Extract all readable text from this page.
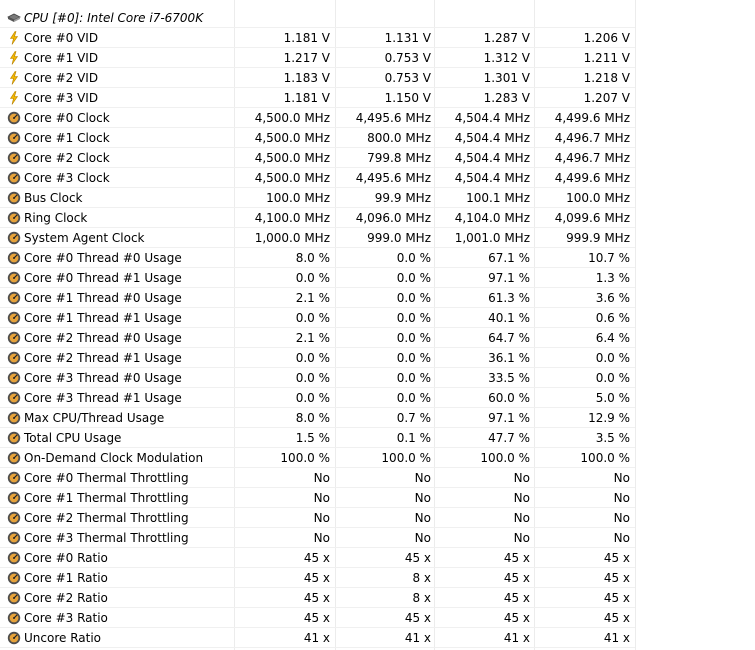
CPU [#0]: Intel Core i7-6700K
Core #0 VID	1.181 V	1.131 V	1.287 V	1.206 V
Core #1 VID	1.217 V	0.753 V	1.312 V	1.211 V
Core #2 VID	1.183 V	0.753 V	1.301 V	1.218 V
Core #3 VID	1.181 V	1.150 V	1.283 V	1.207 V
Core #0 Clock	4,500.0 MHz	4,495.6 MHz	4,504.4 MHz	4,499.6 MHz
Core #1 Clock	4,500.0 MHz	800.0 MHz	4,504.4 MHz	4,496.7 MHz
Core #2 Clock	4,500.0 MHz	799.8 MHz	4,504.4 MHz	4,496.7 MHz
Core #3 Clock	4,500.0 MHz	4,495.6 MHz	4,504.4 MHz	4,499.6 MHz
Bus Clock	100.0 MHz	99.9 MHz	100.1 MHz	100.0 MHz
Ring Clock	4,100.0 MHz	4,096.0 MHz	4,104.0 MHz	4,099.6 MHz
System Agent Clock	1,000.0 MHz	999.0 MHz	1,001.0 MHz	999.9 MHz
Core #0 Thread #0 Usage	8.0 %	0.0 %	67.1 %	10.7 %
Core #0 Thread #1 Usage	0.0 %	0.0 %	97.1 %	1.3 %
Core #1 Thread #0 Usage	2.1 %	0.0 %	61.3 %	3.6 %
Core #1 Thread #1 Usage	0.0 %	0.0 %	40.1 %	0.6 %
Core #2 Thread #0 Usage	2.1 %	0.0 %	64.7 %	6.4 %
Core #2 Thread #1 Usage	0.0 %	0.0 %	36.1 %	0.0 %
Core #3 Thread #0 Usage	0.0 %	0.0 %	33.5 %	0.0 %
Core #3 Thread #1 Usage	0.0 %	0.0 %	60.0 %	5.0 %
Max CPU/Thread Usage	8.0 %	0.7 %	97.1 %	12.9 %
Total CPU Usage	1.5 %	0.1 %	47.7 %	3.5 %
On-Demand Clock Modulation	100.0 %	100.0 %	100.0 %	100.0 %
Core #0 Thermal Throttling	No	No	No	No
Core #1 Thermal Throttling	No	No	No	No
Core #2 Thermal Throttling	No	No	No	No
Core #3 Thermal Throttling	No	No	No	No
Core #0 Ratio	45 x	45 x	45 x	45 x
Core #1 Ratio	45 x	8 x	45 x	45 x
Core #2 Ratio	45 x	8 x	45 x	45 x
Core #3 Ratio	45 x	45 x	45 x	45 x
Uncore Ratio	41 x	41 x	41 x	41 x
